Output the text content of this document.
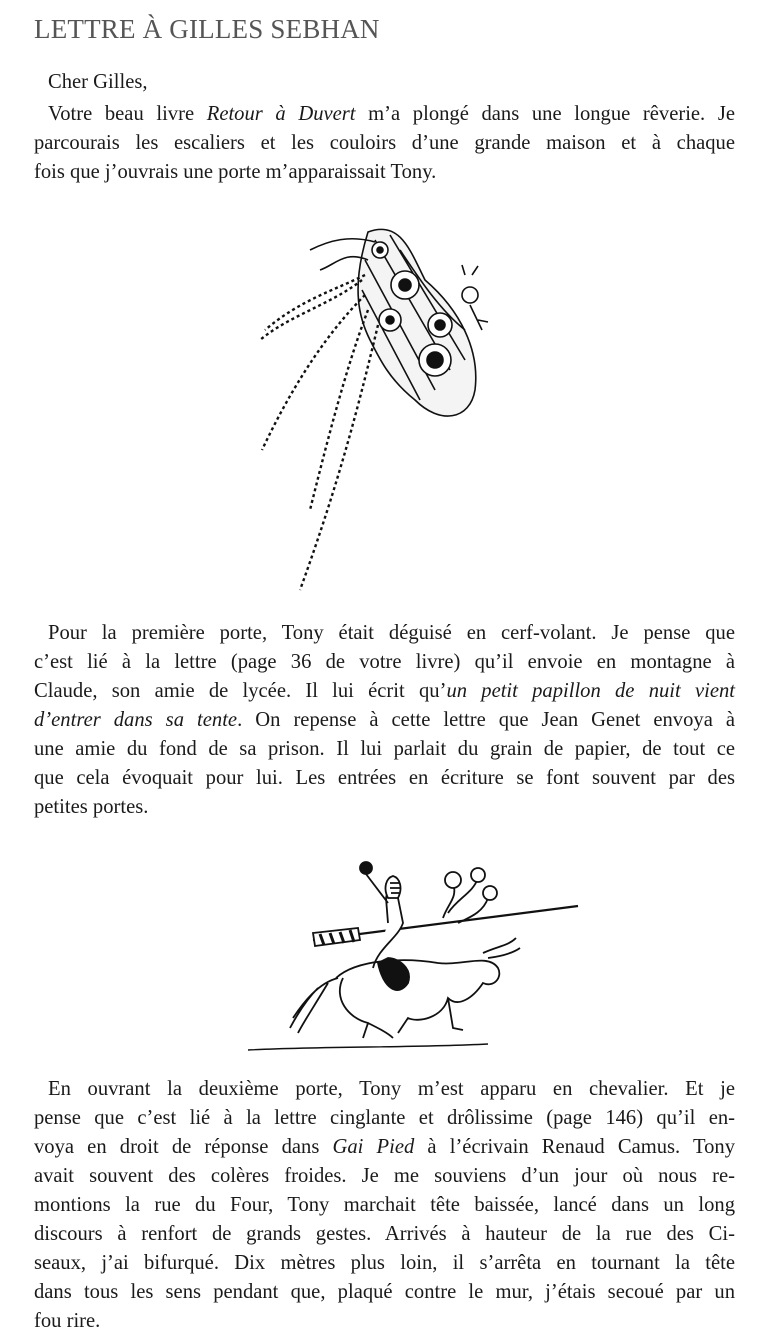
LETTRE À GILLES SEBHAN
Cher Gilles,
Votre beau livre Retour à Duvert m’a plongé dans une longue rêverie. Je
parcourais les escaliers et les couloirs d’une grande maison et à chaque
fois que j’ouvrais une porte m’apparaissait Tony.
Pour la première porte, Tony était déguisé en cerf-volant. Je pense que
c’est lié à la lettre (page 36 de votre livre) qu’il envoie en montagne à
Claude, son amie de lycée. Il lui écrit qu’un petit papillon de nuit vient
d’entrer dans sa tente. On repense à cette lettre que Jean Genet envoya à
une amie du fond de sa prison. Il lui parlait du grain de papier, de tout ce
que cela évoquait pour lui. Les entrées en écriture se font souvent par des
petites portes.
En ouvrant la deuxième porte, Tony m’est apparu en chevalier. Et je
pense que c’est lié à la lettre cinglante et drôlissime (page 146) qu’il en-
voya en droit de réponse dans Gai Pied à l’écrivain Renaud Camus. Tony
avait souvent des colères froides. Je me souviens d’un jour où nous re-
montions la rue du Four, Tony marchait tête baissée, lancé dans un long
discours à renfort de grands gestes. Arrivés à hauteur de la rue des Ci-
seaux, j’ai bifurqué. Dix mètres plus loin, il s’arrêta en tournant la tête
dans tous les sens pendant que, plaqué contre le mur, j’étais secoué par un
fou rire.
